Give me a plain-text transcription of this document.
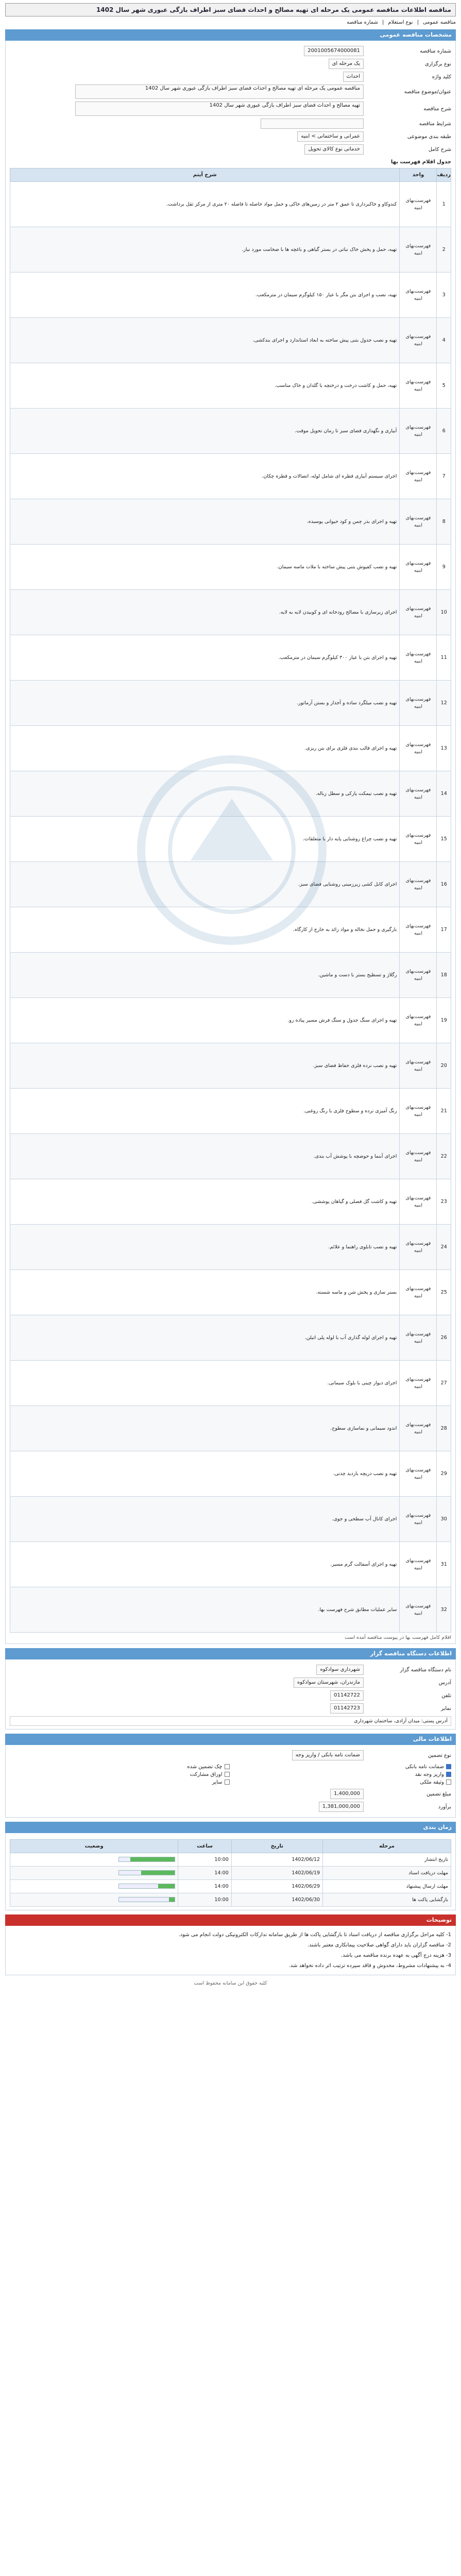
مناقصه اطلاعات مناقصه عمومی یک مرحله ای تهیه مصالح و احداث فضای سبز اطراف بازگی عبوری شهر سال 1402
مناقصه عمومی
|
نوع استعلام
|
شماره مناقصه
مشخصات مناقصه عمومی
شماره مناقصه
2001005674000081
نوع برگزاری
یک مرحله ای
کلید واژه
احداث
عنوان/موضوع مناقصه
مناقصه عمومی یک مرحله ای تهیه مصالح و احداث فضای سبز اطراف بازگی عبوری شهر سال 1402
شرح مناقصه
تهیه مصالح و احداث فضای سبز اطراف بازگی عبوری شهر سال 1402
شرایط مناقصه
طبقه بندی موضوعی
عمرانی و ساختمانی > ابنیه
شرح کامل
خدماتی نوع کالای تحویل
جدول اقلام فهرست بها
ردیف	واحد	شرح آیتم
1	فهرست‌بهای ابنیه	کندوکاو و خاکبرداری تا عمق ۲ متر در زمین‌های خاکی و حمل مواد حاصله تا فاصله ۲۰ متری از مرکز ثقل برداشت.
2	فهرست‌بهای ابنیه	تهیه، حمل و پخش خاک نباتی در بستر گیاهی و باغچه ها با ضخامت مورد نیاز.
3	فهرست‌بهای ابنیه	تهیه، نصب و اجرای بتن مگر با عیار ۱۵۰ کیلوگرم سیمان در مترمکعب.
4	فهرست‌بهای ابنیه	تهیه و نصب جدول بتنی پیش ساخته به ابعاد استاندارد و اجرای بندکشی.
5	فهرست‌بهای ابنیه	تهیه، حمل و کاشت درخت و درختچه با گلدان و خاک مناسب.
6	فهرست‌بهای ابنیه	آبیاری و نگهداری فضای سبز تا زمان تحویل موقت.
7	فهرست‌بهای ابنیه	اجرای سیستم آبیاری قطره ای شامل لوله، اتصالات و قطره چکان.
8	فهرست‌بهای ابنیه	تهیه و اجرای بذر چمن و کود حیوانی پوسیده.
9	فهرست‌بهای ابنیه	تهیه و نصب کفپوش بتنی پیش ساخته با ملات ماسه سیمان.
10	فهرست‌بهای ابنیه	اجرای زیرسازی با مصالح رودخانه ای و کوبیدن لایه به لایه.
11	فهرست‌بهای ابنیه	تهیه و اجرای بتن با عیار ۳۰۰ کیلوگرم سیمان در مترمکعب.
12	فهرست‌بهای ابنیه	تهیه و نصب میلگرد ساده و آجدار و بستن آرماتور.
13	فهرست‌بهای ابنیه	تهیه و اجرای قالب بندی فلزی برای بتن ریزی.
14	فهرست‌بهای ابنیه	تهیه و نصب نیمکت پارکی و سطل زباله.
15	فهرست‌بهای ابنیه	تهیه و نصب چراغ روشنایی پایه دار با متعلقات.
16	فهرست‌بهای ابنیه	اجرای کابل کشی زیرزمینی روشنایی فضای سبز.
17	فهرست‌بهای ابنیه	بارگیری و حمل نخاله و مواد زائد به خارج از کارگاه.
18	فهرست‌بهای ابنیه	رگلاژ و تسطیح بستر با دست و ماشین.
19	فهرست‌بهای ابنیه	تهیه و اجرای سنگ جدول و سنگ فرش مسیر پیاده رو.
20	فهرست‌بهای ابنیه	تهیه و نصب نرده فلزی حفاظ فضای سبز.
21	فهرست‌بهای ابنیه	رنگ آمیزی نرده و سطوح فلزی با رنگ روغنی.
22	فهرست‌بهای ابنیه	اجرای آبنما و حوضچه با پوشش آب بندی.
23	فهرست‌بهای ابنیه	تهیه و کاشت گل فصلی و گیاهان پوششی.
24	فهرست‌بهای ابنیه	تهیه و نصب تابلوی راهنما و علائم.
25	فهرست‌بهای ابنیه	بستر سازی و پخش شن و ماسه شسته.
26	فهرست‌بهای ابنیه	تهیه و اجرای لوله گذاری آب با لوله پلی اتیلن.
27	فهرست‌بهای ابنیه	اجرای دیوار چینی با بلوک سیمانی.
28	فهرست‌بهای ابنیه	اندود سیمانی و نماسازی سطوح.
29	فهرست‌بهای ابنیه	تهیه و نصب دریچه بازدید چدنی.
30	فهرست‌بهای ابنیه	اجرای کانال آب سطحی و جوی.
31	فهرست‌بهای ابنیه	تهیه و اجرای آسفالت گرم مسیر.
32	فهرست‌بهای ابنیه	سایر عملیات مطابق شرح فهرست بها.
اقلام کامل فهرست بها در پیوست مناقصه آمده است
اطلاعات دستگاه مناقصه گزار
نام دستگاه مناقصه گزار
شهرداری سوادکوه
آدرس
مازندران، شهرستان سوادکوه
تلفن
01142722
نمابر
01142723
آدرس پستی: میدان آزادی، ساختمان شهرداری
اطلاعات مالی
نوع تضمین
ضمانت نامه بانکی / واریز وجه
ضمانت نامه بانکی
چک تضمین شده
واریز وجه نقد
اوراق مشارکت
وثیقه ملکی
سایر
مبلغ تضمین
1,400,000
برآورد
1,381,000,000
زمان بندی
مرحله	تاریخ	ساعت	وضعیت
تاریخ انتشار	1402/06/12	10:00	

مهلت دریافت اسناد	1402/06/19	14:00	

مهلت ارسال پیشنهاد	1402/06/29	14:00	

بازگشایی پاکت ها	1402/06/30	10:00	
توضیحات

1- کلیه مراحل برگزاری مناقصه از دریافت اسناد تا بازگشایی پاکت ها از طریق سامانه تدارکات الکترونیکی دولت انجام می شود.

2- مناقصه گزاران باید دارای گواهی صلاحیت پیمانکاری معتبر باشند.

3- هزینه درج آگهی به عهده برنده مناقصه می باشد.

4- به پیشنهادات مشروط، مخدوش و فاقد سپرده ترتیب اثر داده نخواهد شد.

کلیه حقوق این سامانه محفوظ است
